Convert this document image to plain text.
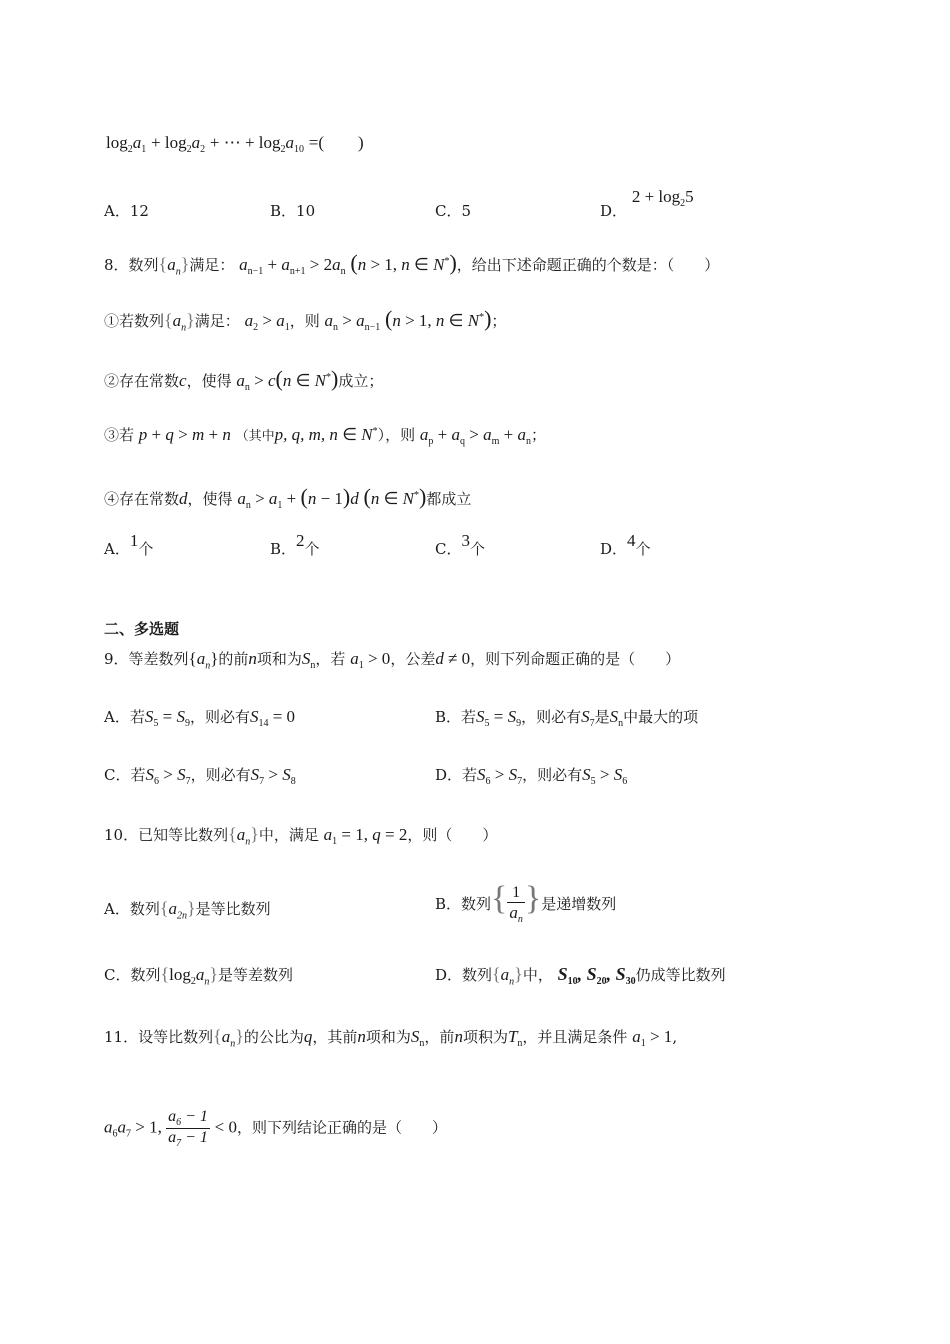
$\log_2a_1 + \log_2a_2$ + ⋯ + $\log_2a_{10}$ =(　　)
A．12	B．10	C．5	D． $2 + \log_25$
8．数列$\{a_n\}$满足： $a_{n-1} + a_{n+1} > 2a_n$ (n > 1, n ∈ N*)，给出下述命题正确的个数是：（　　）
①若数列$\{a_n\}$满足： $a_2 > a_1$，则 $a_n > a_{n-1}$ (n > 1, n ∈ N*)；
②存在常数c，使得 $a_n > c(n$ ∈ N*)成立；
③若 p + q > m + n （其中p, q, m, n ∈ N*），则 $a_p + a_q > a_m + a_n$；
④存在常数d，使得 $a_n > a_1 + (n - 1)d$ (n ∈ N*)都成立
A．1个	B．2个	C．3个	D．4个
二、多选题
9．等差数列$\{a_n\}$的前n项和为$S_n$，若 $a_1 > 0$，公差d ≠ 0，则下列命题正确的是（　　）
A．若$S_5 = S_9$，则必有$S_{14} = 0$	B．若$S_5 = S_9$，则必有$S_7$是$S_n$中最大的项
C．若$S_6 > S_7$，则必有$S_7 > S_8$	D．若$S_6 > S_7$，则必有$S_5 > S_6$
10．已知等比数列$\{a_n\}$中，满足 $a_1 = 1$, q = 2，则（　　）
A．数列$\{a_{2n}\}$是等比数列	B．数列{ $\frac{1}{a_n}$ }是递增数列
C．数列$\{\log_2a_n\}$是等差数列	D．数列$\{a_n\}$中， $S_{10}$, $S_{20}$, $S_{30}$仍成等比数列
11．设等比数列$\{a_n\}$的公比为q，其前n项和为$S_n$，前n项积为$T_n$，并且满足条件 $a_1 > 1$,
$a_6a_7 > 1$, $\frac{a_6 - 1}{a_7 - 1} < 0$，则下列结论正确的是（　　）
